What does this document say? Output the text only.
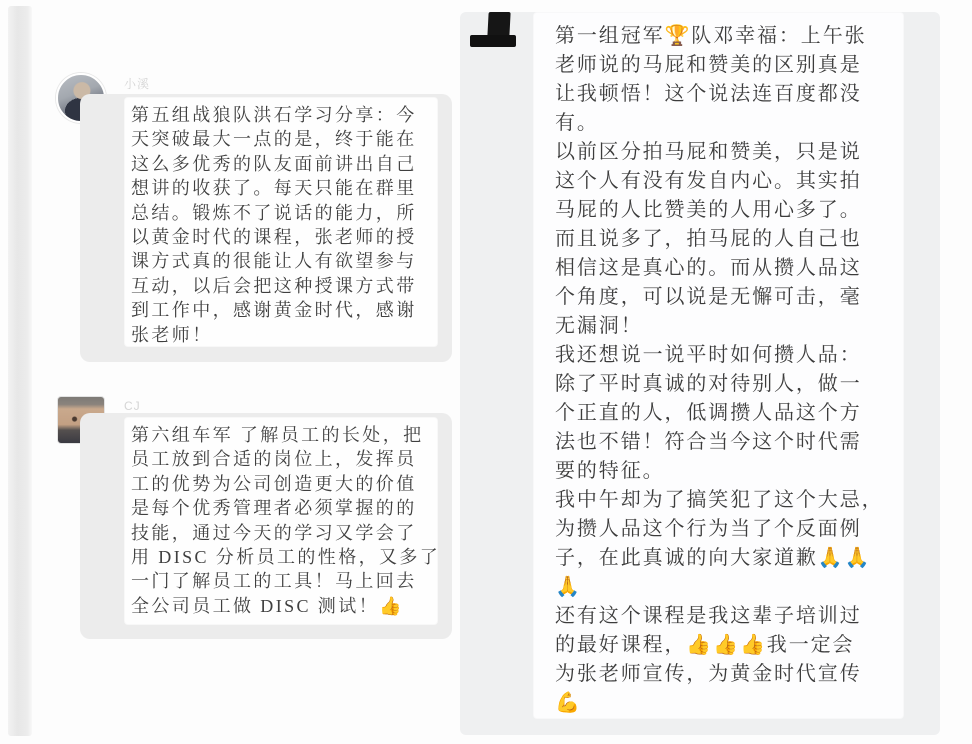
小溪
第五组战狼队洪石学习分享：今
天突破最大一点的是，终于能在
这么多优秀的队友面前讲出自己
想讲的收获了。每天只能在群里
总结。锻炼不了说话的能力，所
以黄金时代的课程，张老师的授
课方式真的很能让人有欲望参与
互动，以后会把这种授课方式带
到工作中，感谢黄金时代，感谢
张老师！
CJ
第六组车军 了解员工的长处，把
员工放到合适的岗位上，发挥员
工的优势为公司创造更大的价值
是每个优秀管理者必须掌握的的
技能，通过今天的学习又学会了
用 DISC 分析员工的性格，又多了
一门了解员工的工具！马上回去
全公司员工做 DISC 测试！👍
第一组冠军🏆队邓幸福：上午张
老师说的马屁和赞美的区别真是
让我顿悟！这个说法连百度都没
有。
以前区分拍马屁和赞美，只是说
这个人有没有发自内心。其实拍
马屁的人比赞美的人用心多了。
而且说多了，拍马屁的人自己也
相信这是真心的。而从攒人品这
个角度，可以说是无懈可击，毫
无漏洞！
我还想说一说平时如何攒人品：
除了平时真诚的对待别人，做一
个正直的人，低调攒人品这个方
法也不错！符合当今这个时代需
要的特征。
我中午却为了搞笑犯了这个大忌，
为攒人品这个行为当了个反面例
子，在此真诚的向大家道歉🙏🙏
🙏
还有这个课程是我这辈子培训过
的最好课程，👍👍👍我一定会
为张老师宣传，为黄金时代宣传
💪
